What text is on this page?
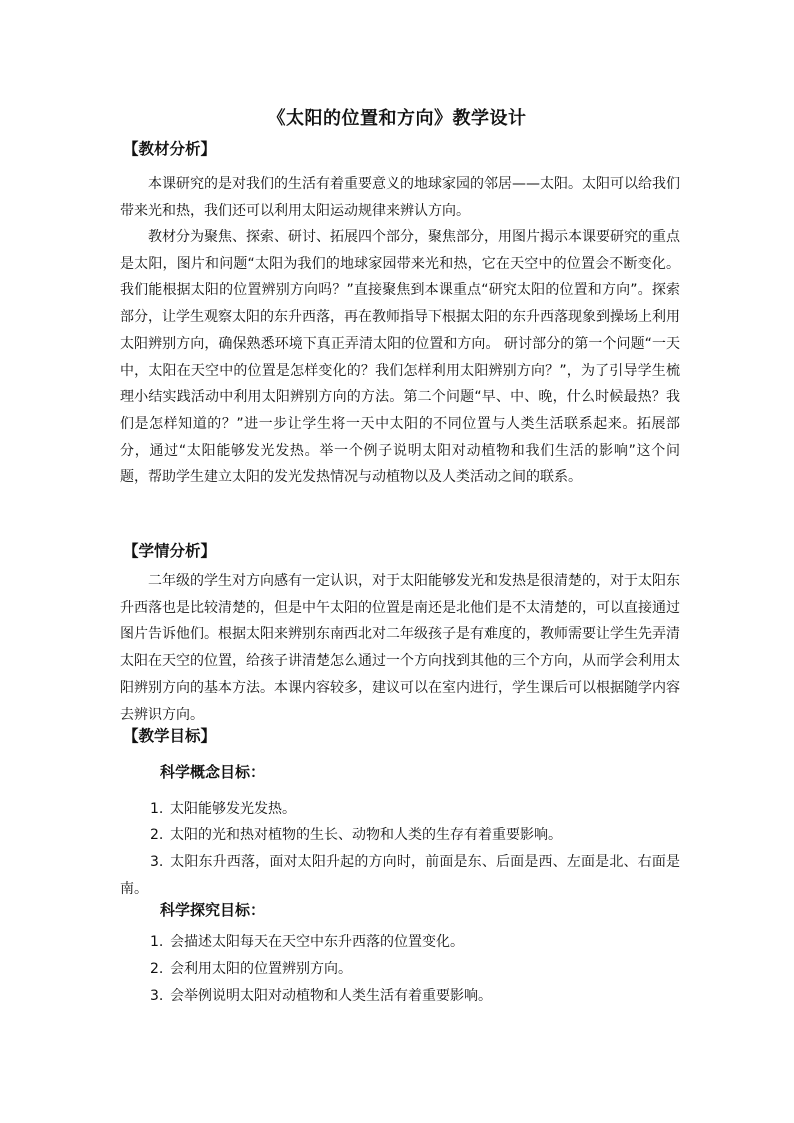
《太阳的位置和方向》教学设计
【教材分析】

本课研究的是对我们的生活有着重要意义的地球家园的邻居——太阳。太阳可以给我们带来光和热，我们还可以利用太阳运动规律来辨认方向。

教材分为聚焦、探索、研讨、拓展四个部分，聚焦部分，用图片揭示本课要研究的重点是太阳，图片和问题“太阳为我们的地球家园带来光和热，它在天空中的位置会不断变化。我们能根据太阳的位置辨别方向吗？”直接聚焦到本课重点“研究太阳的位置和方向”。探索部分，让学生观察太阳的东升西落，再在教师指导下根据太阳的东升西落现象到操场上利用太阳辨别方向，确保熟悉环境下真正弄清太阳的位置和方向。 研讨部分的第一个问题“一天中，太阳在天空中的位置是怎样变化的？我们怎样利用太阳辨别方向？”，为了引导学生梳理小结实践活动中利用太阳辨别方向的方法。第二个问题“早、中、晚，什么时候最热？我们是怎样知道的？”进一步让学生将一天中太阳的不同位置与人类生活联系起来。拓展部分，通过“太阳能够发光发热。举一个例子说明太阳对动植物和我们生活的影响”这个问题，帮助学生建立太阳的发光发热情况与动植物以及人类活动之间的联系。

【学情分析】

二年级的学生对方向感有一定认识，对于太阳能够发光和发热是很清楚的，对于太阳东升西落也是比较清楚的，但是中午太阳的位置是南还是北他们是不太清楚的，可以直接通过图片告诉他们。根据太阳来辨别东南西北对二年级孩子是有难度的，教师需要让学生先弄清太阳在天空的位置，给孩子讲清楚怎么通过一个方向找到其他的三个方向，从而学会利用太阳辨别方向的基本方法。本课内容较多，建议可以在室内进行，学生课后可以根据随学内容去辨识方向。

【教学目标】
科学概念目标：
1. 太阳能够发光发热。
2. 太阳的光和热对植物的生长、动物和人类的生存有着重要影响。
3. 太阳东升西落，面对太阳升起的方向时，前面是东、后面是西、左面是北、右面是南。
科学探究目标：
1. 会描述太阳每天在天空中东升西落的位置变化。
2. 会利用太阳的位置辨别方向。
3. 会举例说明太阳对动植物和人类生活有着重要影响。
